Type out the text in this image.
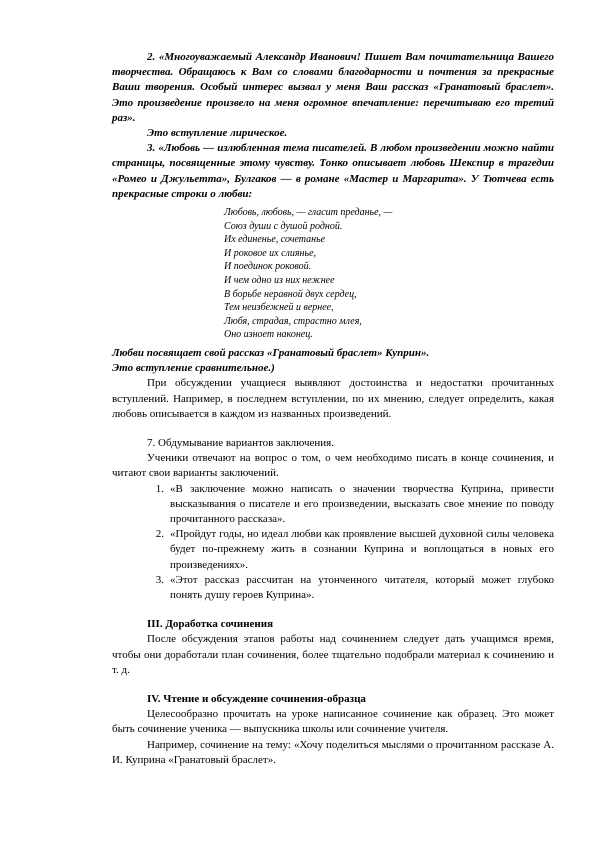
2. «Многоуважаемый Александр Иванович! Пишет Вам почитательница Вашего творчества. Обращаюсь к Вам со словами благодарности и почтения за прекрасные Ваши творения. Особый интерес вызвал у меня Ваш рассказ «Гранатовый браслет». Это произведение произвело на меня огромное впечатление: перечитываю его третий раз».

Это вступление лирическое.

3. «Любовь — излюбленная тема писателей. В любом произведении можно найти страницы, посвященные этому чувству. Тонко описывает любовь Шекспир в трагедии «Ромео и Джульетта», Булгаков — в романе «Мастер и Маргарита». У Тютчева есть прекрасные строки о любви:

Любовь, любовь, — гласит преданье, —
Союз души с душой родной.
Их единенье, сочетанье
И роковое их слиянье,
И поединок роковой.
И чем одно из них нежнее
В борьбе неравной двух сердец,
Тем неизбежней и вернее,
Любя, страдая, страстно млея,
Оно изноет наконец.

Любви посвящает свой рассказ «Гранатовый браслет» Куприн».

Это вступление сравнительное.)

При обсуждении учащиеся выявляют достоинства и недостатки прочитанных вступлений. Например, в последнем вступлении, по их мнению, следует определить, какая любовь описывается в каждом из названных произведений.

7. Обдумывание вариантов заключения.

Ученики отвечают на вопрос о том, о чем необходимо писать в конце сочинения, и читают свои варианты заключений.

1. «В заключение можно написать о значении творчества Куприна, привести высказывания о писателе и его произведении, высказать свое мнение по поводу прочитанного рассказа».
2. «Пройдут годы, но идеал любви как проявление высшей духовной силы человека будет по-прежнему жить в сознании Куприна и воплощаться в новых его произведениях».
3. «Этот рассказ рассчитан на утонченного читателя, который может глубоко понять душу героев Куприна».

III. Доработка сочинения

После обсуждения этапов работы над сочинением следует дать учащимся время, чтобы они доработали план сочинения, более тщательно подобрали материал к сочинению и т. д.

IV. Чтение и обсуждение сочинения-образца

Целесообразно прочитать на уроке написанное сочинение как образец. Это может быть сочинение ученика — выпускника школы или сочинение учителя.

Например, сочинение на тему: «Хочу поделиться мыслями о прочитанном рассказе А. И. Куприна «Гранатовый браслет».
